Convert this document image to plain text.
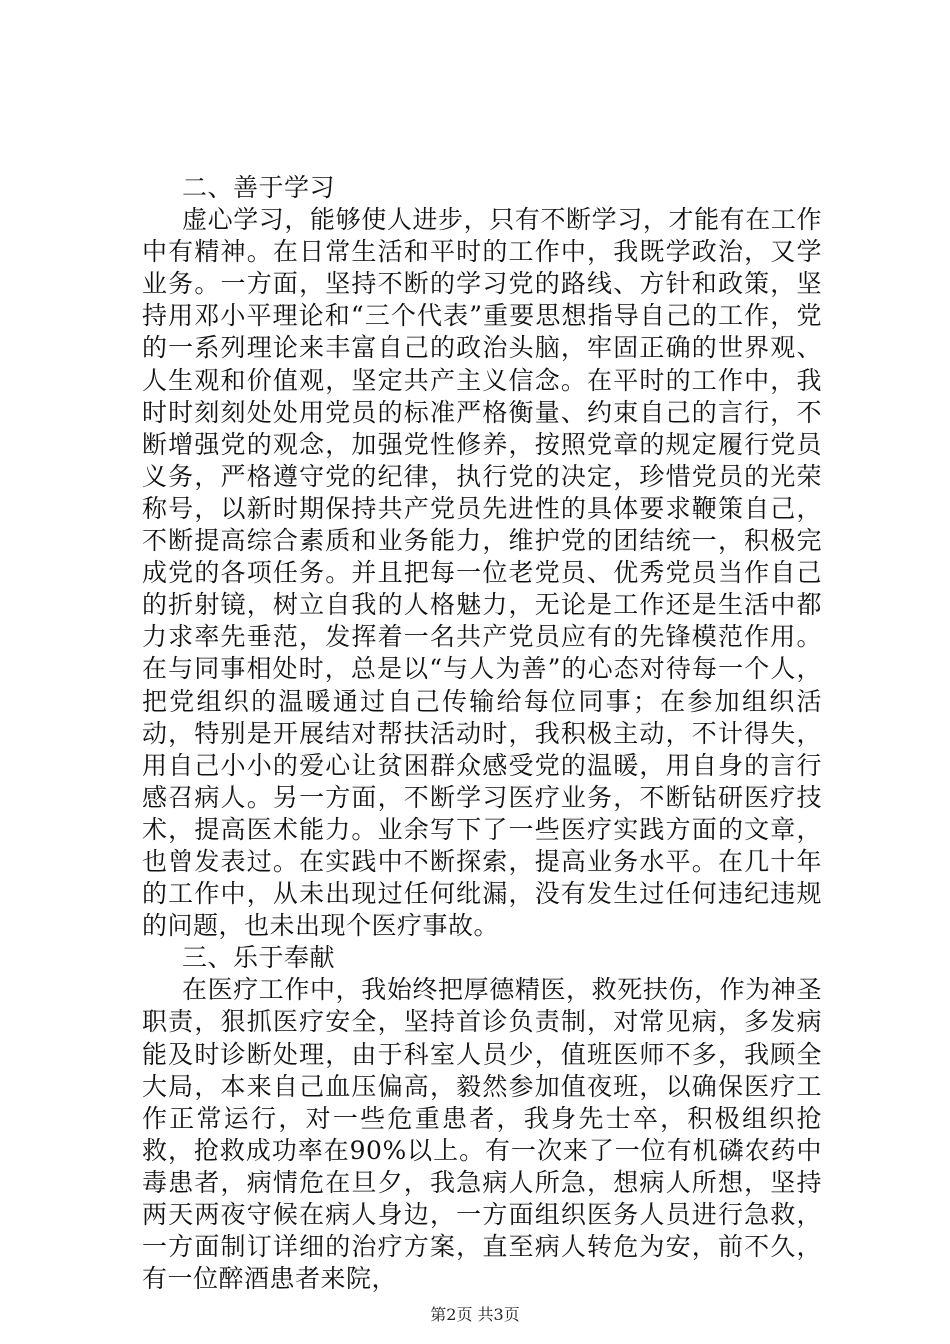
二、善于学习

虚心学习，能够使人进步，只有不断学习，才能有在工作中有精神。在日常生活和平时的工作中，我既学政治，又学业务。一方面，坚持不断的学习党的路线、方针和政策，坚持用邓小平理论和“三个代表”重要思想指导自己的工作，党的一系列理论来丰富自己的政治头脑，牢固正确的世界观、人生观和价值观，坚定共产主义信念。在平时的工作中，我时时刻刻处处用党员的标准严格衡量、约束自己的言行，不断增强党的观念，加强党性修养，按照党章的规定履行党员义务，严格遵守党的纪律，执行党的决定，珍惜党员的光荣称号，以新时期保持共产党员先进性的具体要求鞭策自己，不断提高综合素质和业务能力，维护党的团结统一，积极完成党的各项任务。并且把每一位老党员、优秀党员当作自己的折射镜，树立自我的人格魅力，无论是工作还是生活中都力求率先垂范，发挥着一名共产党员应有的先锋模范作用。在与同事相处时，总是以“与人为善”的心态对待每一个人，把党组织的温暖通过自己传输给每位同事；在参加组织活动，特别是开展结对帮扶活动时，我积极主动，不计得失，用自己小小的爱心让贫困群众感受党的温暖，用自身的言行感召病人。另一方面，不断学习医疗业务，不断钻研医疗技术，提高医术能力。业余写下了一些医疗实践方面的文章，也曾发表过。在实践中不断探索，提高业务水平。在几十年的工作中，从未出现过任何纰漏，没有发生过任何违纪违规的问题，也未出现个医疗事故。

三、乐于奉献

在医疗工作中，我始终把厚德精医，救死扶伤，作为神圣职责，狠抓医疗安全，坚持首诊负责制，对常见病，多发病能及时诊断处理，由于科室人员少，值班医师不多，我顾全大局，本来自己血压偏高，毅然参加值夜班，以确保医疗工作正常运行，对一些危重患者，我身先士卒，积极组织抢救，抢救成功率在90%以上。有一次来了一位有机磷农药中毒患者，病情危在旦夕，我急病人所急，想病人所想，坚持两天两夜守候在病人身边，一方面组织医务人员进行急救，一方面制订详细的治疗方案，直至病人转危为安，前不久，有一位醉酒患者来院，

第2页 共3页
